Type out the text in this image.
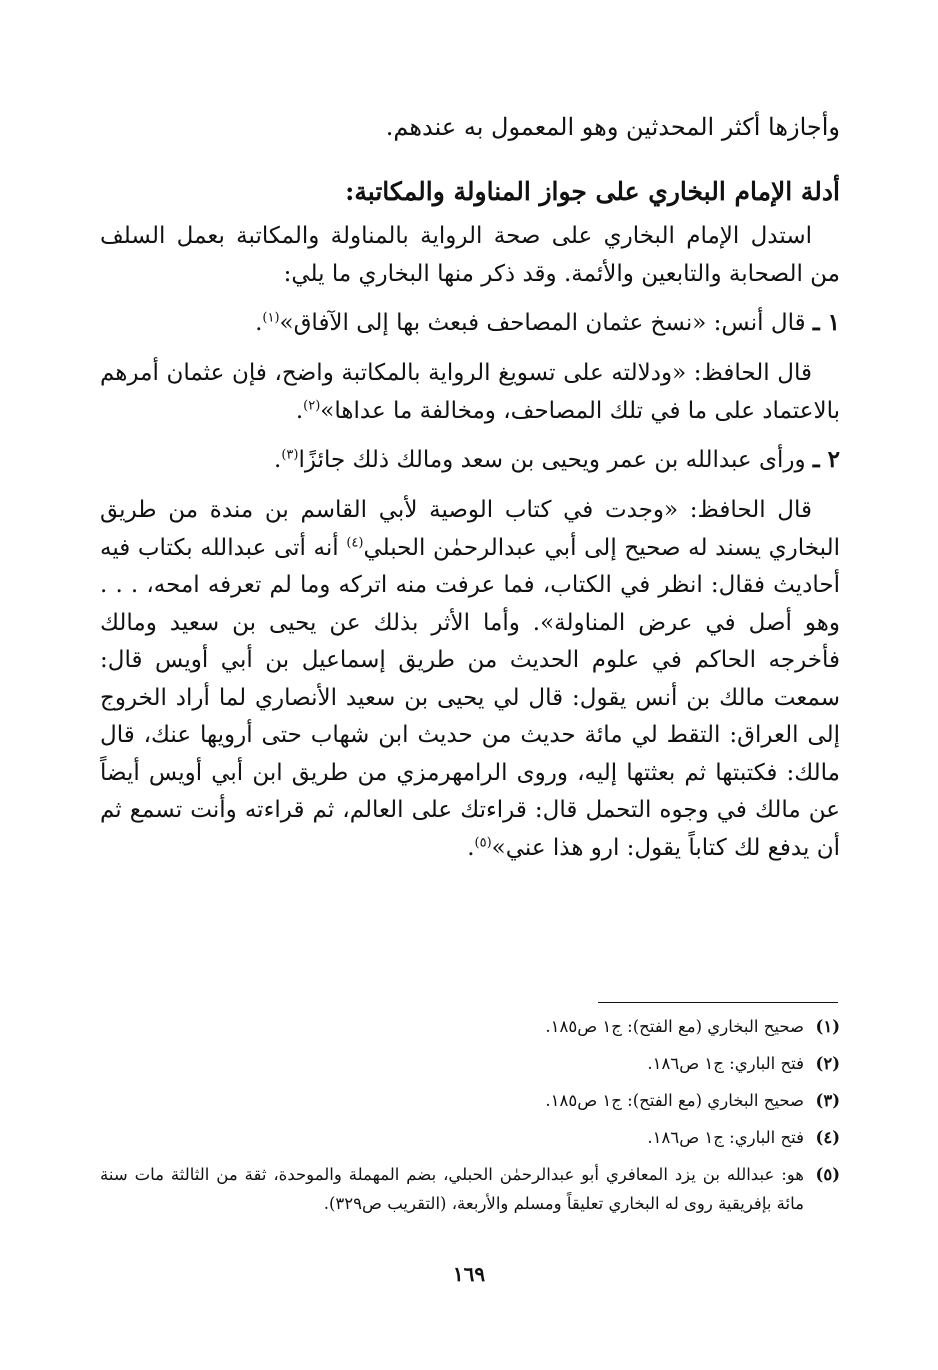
وأجازها أكثر المحدثين وهو المعمول به عندهم.
أدلة الإمام البخاري على جواز المناولة والمكاتبة:

استدل الإمام البخاري على صحة الرواية بالمناولة والمكاتبة بعمل السلف من الصحابة والتابعين والأئمة. وقد ذكر منها البخاري ما يلي:

١ ـ قال أنس: «نسخ عثمان المصاحف فبعث بها إلى الآفاق»$^{(١)}$.

قال الحافظ: «ودلالته على تسويغ الرواية بالمكاتبة واضح، فإن عثمان أمرهم بالاعتماد على ما في تلك المصاحف، ومخالفة ما عداها»$^{(٢)}$.

٢ ـ ورأى عبدالله بن عمر ويحيى بن سعد ومالك ذلك جائزًا$^{(٣)}$.

قال الحافظ: «وجدت في كتاب الوصية لأبي القاسم بن مندة من طريق البخاري يسند له صحيح إلى أبي عبدالرحمٰن الحبلي$^{(٤)}$ أنه أتى عبدالله بكتاب فيه أحاديث فقال: انظر في الكتاب، فما عرفت منه اتركه وما لم تعرفه امحه، . . . وهو أصل في عرض المناولة». وأما الأثر بذلك عن يحيى بن سعيد ومالك فأخرجه الحاكم في علوم الحديث من طريق إسماعيل بن أبي أويس قال: سمعت مالك بن أنس يقول: قال لي يحيى بن سعيد الأنصاري لما أراد الخروج إلى العراق: التقط لي مائة حديث من حديث ابن شهاب حتى أرويها عنك، قال مالك: فكتبتها ثم بعثتها إليه، وروى الرامهرمزي من طريق ابن أبي أويس أيضاً عن مالك في وجوه التحمل قال: قراءتك على العالم، ثم قراءته وأنت تسمع ثم أن يدفع لك كتاباً يقول: ارو هذا عني»$^{(٥)}$.

(١)
صحيح البخاري (مع الفتح): ج١ ص١٨٥.
(٢)
فتح الباري: ج١ ص١٨٦.
(٣)
صحيح البخاري (مع الفتح): ج١ ص١٨٥.
(٤)
فتح الباري: ج١ ص١٨٦.
(٥)
هو: عبدالله بن يزد المعافري أبو عبدالرحمٰن الحبلي، بضم المهملة والموحدة، ثقة من الثالثة مات سنة مائة بإفريقية روى له البخاري تعليقاً ومسلم والأربعة، (التقريب ص٣٢٩).
١٦٩
